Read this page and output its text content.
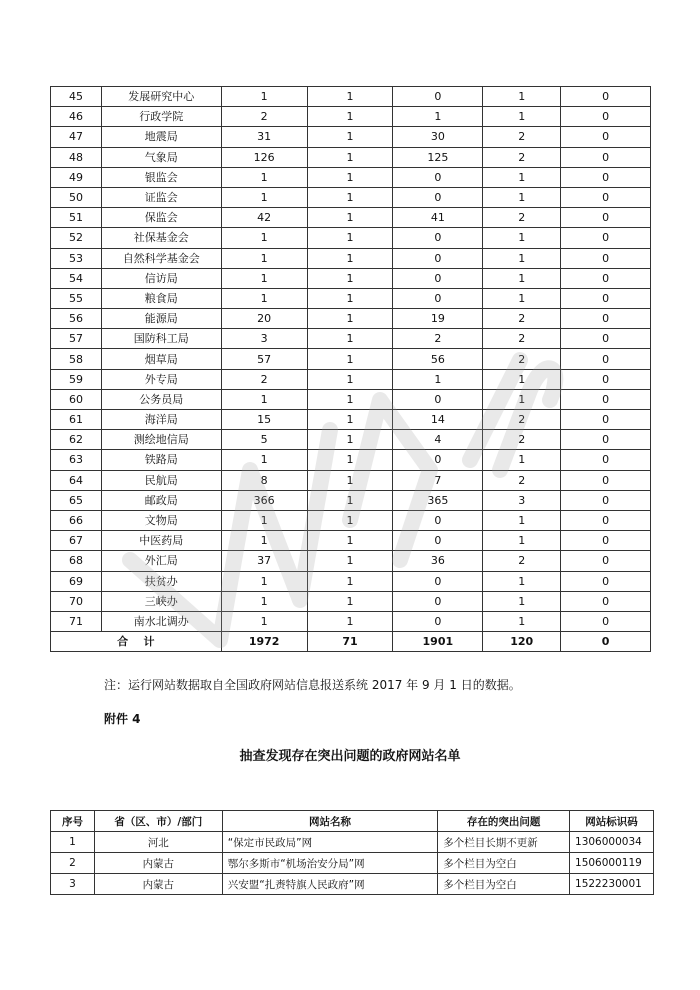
45	发展研究中心	1	1	0	1	0
46	行政学院	2	1	1	1	0
47	地震局	31	1	30	2	0
48	气象局	126	1	125	2	0
49	银监会	1	1	0	1	0
50	证监会	1	1	0	1	0
51	保监会	42	1	41	2	0
52	社保基金会	1	1	0	1	0
53	自然科学基金会	1	1	0	1	0
54	信访局	1	1	0	1	0
55	粮食局	1	1	0	1	0
56	能源局	20	1	19	2	0
57	国防科工局	3	1	2	2	0
58	烟草局	57	1	56	2	0
59	外专局	2	1	1	1	0
60	公务员局	1	1	0	1	0
61	海洋局	15	1	14	2	0
62	测绘地信局	5	1	4	2	0
63	铁路局	1	1	0	1	0
64	民航局	8	1	7	2	0
65	邮政局	366	1	365	3	0
66	文物局	1	1	0	1	0
67	中医药局	1	1	0	1	0
68	外汇局	37	1	36	2	0
69	扶贫办	1	1	0	1	0
70	三峡办	1	1	0	1	0
71	南水北调办	1	1	0	1	0
合    计		1972	71	1901	120	0
注：运行网站数据取自全国政府网站信息报送系统 2017 年 9 月 1 日的数据。
附件 4
抽查发现存在突出问题的政府网站名单
序号	省（区、市）/部门	网站名称	存在的突出问题	网站标识码
1	河北	“保定市民政局”网	多个栏目长期不更新	1306000034
2	内蒙古	鄂尔多斯市“机场治安分局”网	多个栏目为空白	1506000119
3	内蒙古	兴安盟“扎赉特旗人民政府”网	多个栏目为空白	1522230001
